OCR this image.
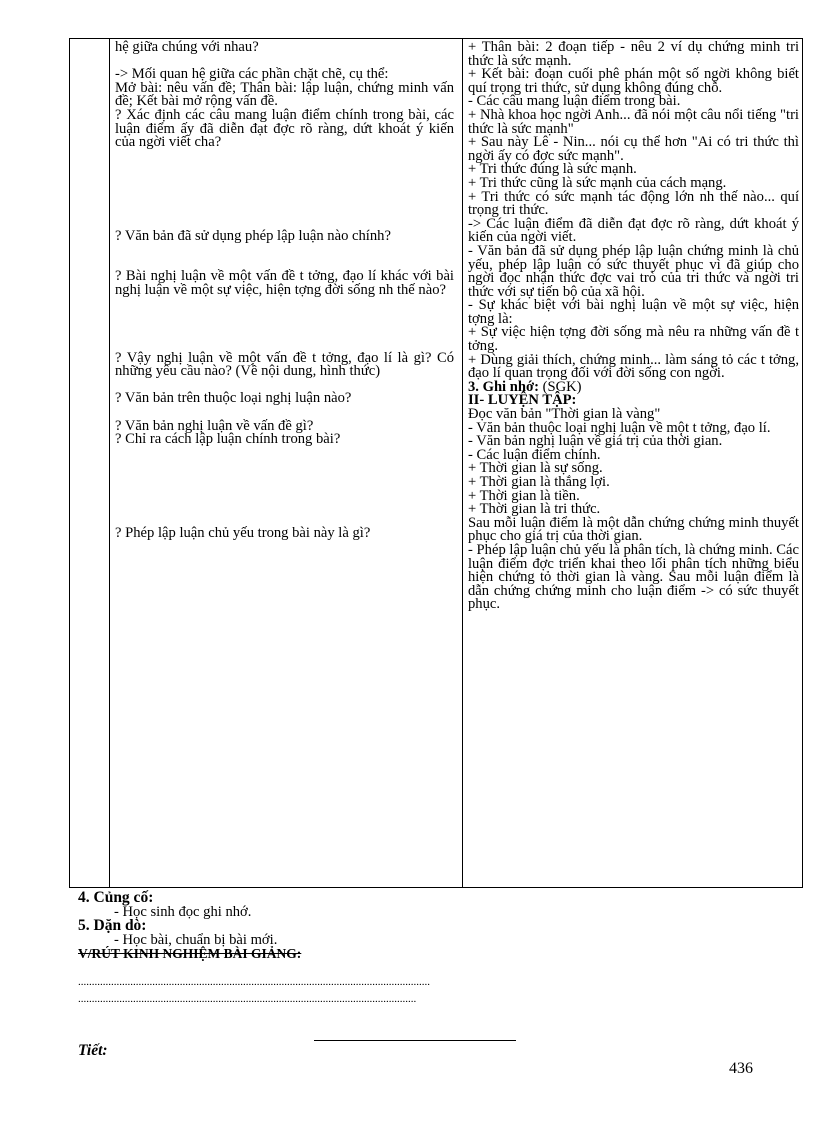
hệ giữa chúng với nhau?

-> Mối quan hệ giữa các phần chặt chẽ, cụ thể:

Mở bài: nêu vấn đề; Thân bài: lập luận, chứng minh vấn đề; Kết bài mở rộng vấn đề.

? Xác định các câu mang luận điểm chính trong bài, các luận điểm ấy đã diễn đạt đợc rõ ràng, dứt khoát ý kiến của ngời viết cha?

? Văn bản đã sử dụng phép lập luận nào chính?

? Bài nghị luận về một vấn đề t tởng, đạo lí khác với bài nghị luận về một sự việc, hiện tợng đời sống nh thế nào?

? Vậy nghị luận về một vấn đề t tởng, đạo lí là gì? Có những yêu cầu nào? (Về nội dung, hình thức)

? Văn bản trên thuộc loại nghị luận nào?

? Văn bản nghị luận về vấn đề gì?

? Chỉ ra cách lập luận chính trong bài?

? Phép lập luận chủ yếu trong bài này là gì?

+ Thân bài: 2 đoạn tiếp - nêu 2 ví dụ chứng minh tri thức là sức mạnh.

+ Kết bài: đoạn cuối phê phán một số ngời không biết quí trọng tri thức, sử dụng không đúng chỗ.

- Các câu mang luận điểm trong bài.

+ Nhà khoa học ngời Anh... đã nói một câu nổi tiếng "tri thức là sức mạnh"

+ Sau này Lê - Nin... nói cụ thể hơn "Ai có tri thức thì ngời ấy có đợc sức mạnh".

+ Tri thức đúng là sức mạnh.

+ Tri thức cũng là sức mạnh của cách mạng.

+ Tri thức có sức mạnh tác động lớn nh thế nào... quí trọng tri thức.

-> Các luận điểm đã diễn đạt đợc rõ ràng, dứt khoát ý kiến của ngời viết.

- Văn bản đã sử dụng phép lập luận chứng minh là chủ yếu, phép lập luận có sức thuyết phục vì đã giúp cho ngời đọc nhận thức đợc vai trò của tri thức và ngời tri thức với sự tiến bộ của xã hội.

- Sự khác biệt với bài nghị luận về một sự việc, hiện tợng là:

+ Sự việc hiện tợng đời sống mà nêu ra những vấn đề t tởng.

+ Dùng giải thích, chứng minh... làm sáng tỏ các t tởng, đạo lí quan trọng đối với đời sống con ngời.

3. Ghi nhớ: (SGK)

II- LUYỆN TẬP:

Đọc văn bản "Thời gian là vàng"

- Văn bản thuộc loại nghị luận về một t tởng, đạo lí.

- Văn bản nghị luận về giá trị của thời gian.

- Các luận điểm chính.

+ Thời gian là sự sống.

+ Thời gian là thắng lợi.

+ Thời gian là tiền.

+ Thời gian là tri thức.

Sau mỗi luận điểm là một dẫn chứng chứng minh thuyết phục cho giá trị của thời gian.

- Phép lập luận chủ yếu là phân tích, là chứng minh. Các luận điểm đợc triển khai theo lối phân tích những biểu hiện chứng tỏ thời gian là vàng. Sau mỗi luận điểm là dẫn chứng chứng minh cho luận điểm -> có sức thuyết phục.

4. Củng cố:
- Học sinh đọc ghi nhớ.
5. Dặn dò:
- Học bài, chuẩn bị bài mới.
V/RÚT KINH NGHIỆM BÀI GIẢNG:
................................................................................................................................
...........................................................................................................................
Tiết:
436
